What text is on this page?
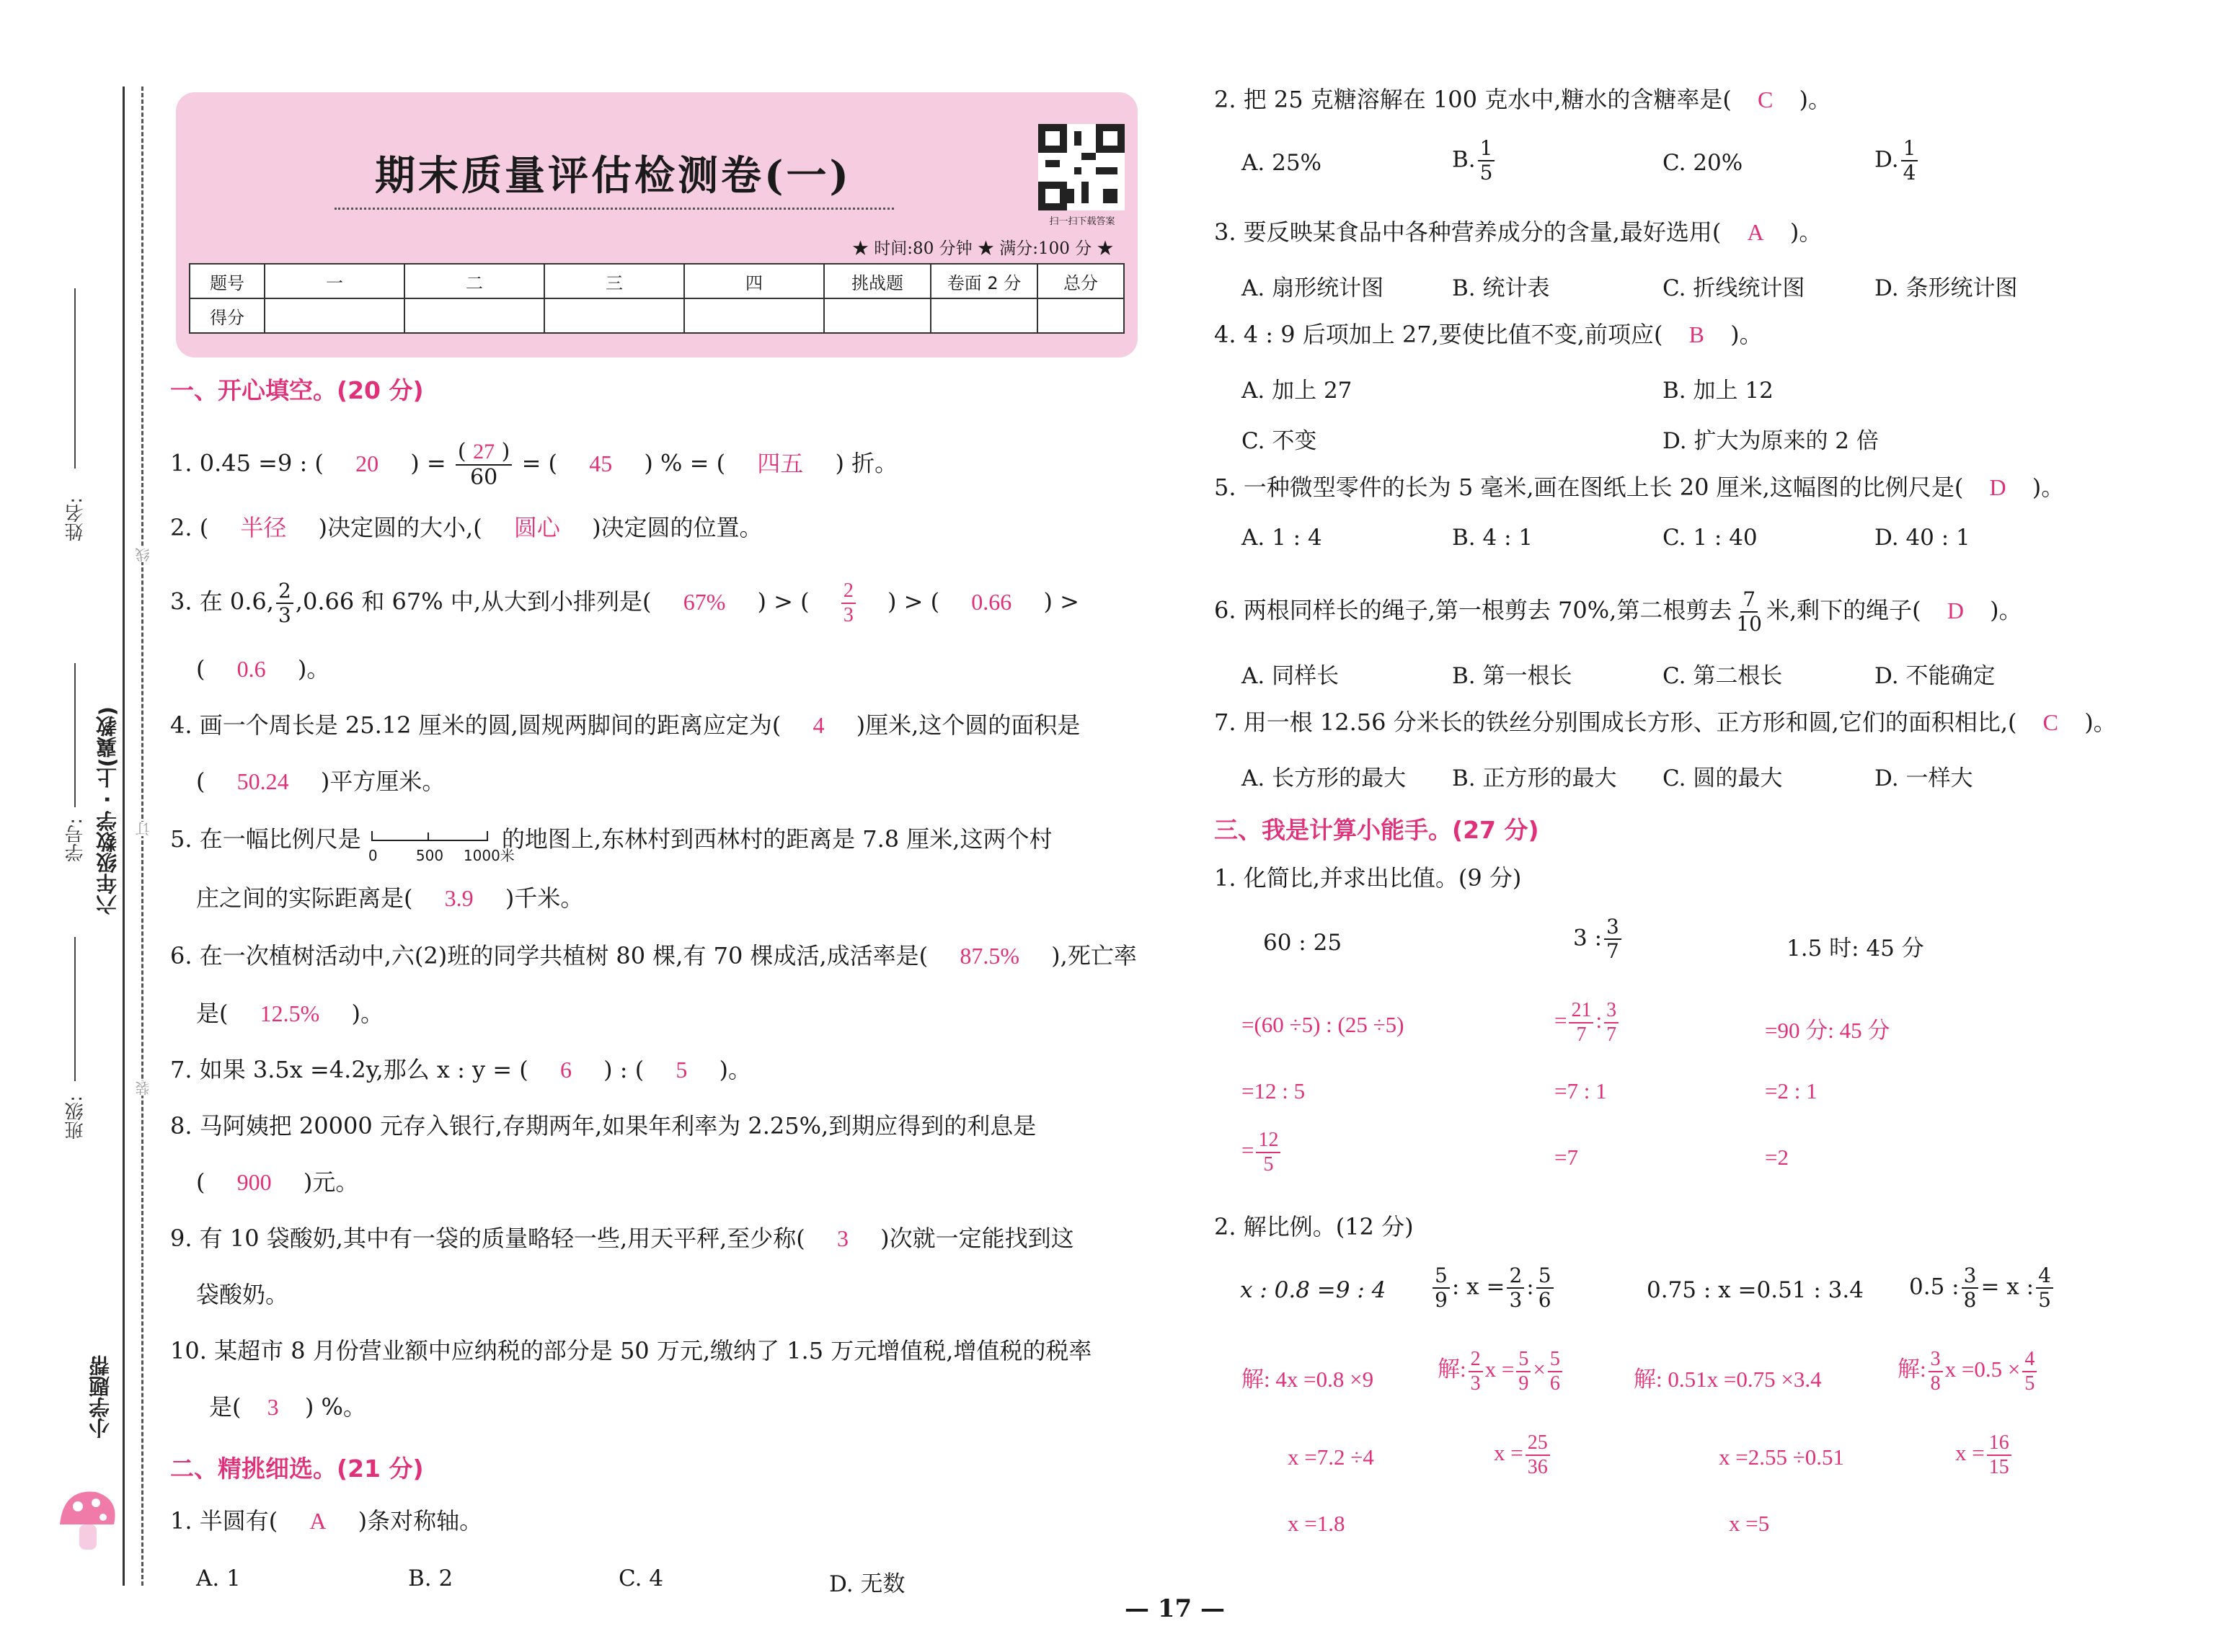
姓名:
学号:
班级:
六年级数学 · 上(冀教)
线
订
装
小学题帮
期末质量评估检测卷(一)
扫一扫下载答案
★ 时间:80 分钟 ★ 满分:100 分 ★
题号	一	二	三	四	挑战题	卷面 2 分	总分
得分							
一、开心填空。(20 分)
1. 0.45 =9 : ( 20 ) = $\frac{( 27 )}{60}$ = ( 45 ) % = ( 四五 ) 折。
2. ( 半径 )决定圆的大小,( 圆心 )决定圆的位置。
3. 在 0.6, $\frac{2}{3} ,0.66$ 和 67% 中,从大到小排列是( 67% ) > ( $\frac{2}{3}$ ) > ( 0.66 ) >
( 0.6 )。
4. 画一个周长是 25.12 厘米的圆,圆规两脚间的距离应定为( 4 )厘米,这个圆的面积是
( 50.24 )平方厘米。
5. 在一幅比例尺是
0	500 1000米
的地图上,东林村到西林村的距离是 7.8 厘米,这两个村
庄之间的实际距离是( 3.9 )千米。
6. 在一次植树活动中,六(2)班的同学共植树 80 棵,有 70 棵成活,成活率是( 87.5% ),死亡率
是( 12.5% )。
7. 如果 3.5x =4.2y,那么 x : y = ( 6 ) : ( 5 )。
8. 马阿姨把 20000 元存入银行,存期两年,如果年利率为 2.25%,到期应得到的利息是
( 900 )元。
9. 有 10 袋酸奶,其中有一袋的质量略轻一些,用天平秤,至少称( 3 )次就一定能找到这
袋酸奶。
10. 某超市 8 月份营业额中应纳税的部分是 50 万元,缴纳了 1.5 万元增值税,增值税的税率
是( 3 ) %。
二、精挑细选。(21 分)
1. 半圆有( A )条对称轴。
A. 1	B. 2	C. 4	D. 无数
2. 把 25 克糖溶解在 100 克水中,糖水的含糖率是( C )。
A. 25%	B. $\frac{1}{5}$	C. 20%	D. $\frac{1}{4}$
3. 要反映某食品中各种营养成分的含量,最好选用( A )。
A. 扇形统计图	B. 统计表	C. 折线统计图	D. 条形统计图
4. 4 : 9 后项加上 27,要使比值不变,前项应( B )。
A. 加上 27	B. 加上 12
C. 不变	D. 扩大为原来的 2 倍
5. 一种微型零件的长为 5 毫米,画在图纸上长 20 厘米,这幅图的比例尺是( D )。
A. 1 : 4	B. 4 : 1	C. 1 : 40	D. 40 : 1
6. 两根同样长的绳子,第一根剪去 70%,第二根剪去 $\frac{7}{10}$ 米,剩下的绳子( D )。
A. 同样长	B. 第一根长	C. 第二根长	D. 不能确定
7. 用一根 12.56 分米长的铁丝分别围成长方形、正方形和圆,它们的面积相比,( C )。
A. 长方形的最大 B. 正方形的最大 C. 圆的最大	D. 一样大
三、我是计算小能手。(27 分)
1. 化简比,并求出比值。(9 分)
60 : 25
=(60 ÷5) : (25 ÷5)
=12 : 5
= $\frac{12}{5}$
3 : $\frac{3}{7}$
= $\frac{21}{7}$ : $\frac{3}{7}$
=7 : 1
=7
1.5 时: 45 分
=90 分: 45 分
=2 : 1
=2
2. 解比例。(12 分)
x : 0.8 =9 : 4
解: 4x =0.8 ×9
x =7.2 ÷4
x =1.8
$\frac{5}{9}$ : $x = \frac{2}{3}$ : $\frac{5}{6}$
解: $\frac{2}{3}$ $x = \frac{5}{9} \times \frac{5}{6}$
$x = \frac{25}{36}$
0.75 : x =0.51 : 3.4
解: 0.51x =0.75 ×3.4
x =2.55 ÷0.51
x =5
0.5 : $\frac{3}{8} = x$ : $\frac{4}{5}$
解: $\frac{3}{8}$ $x =0.5 \times \frac{4}{5}$
$x = \frac{16}{15}$
— 17 —
